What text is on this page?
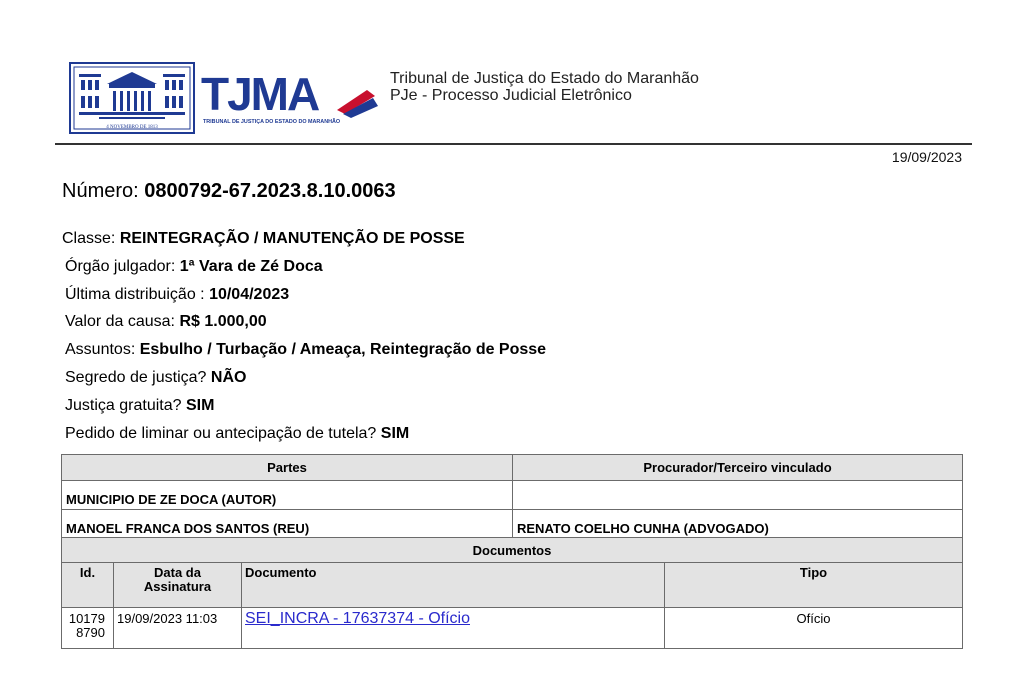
4 NOVEMBRO DE 1813
TJMA
TRIBUNAL DE JUSTIÇA DO ESTADO DO MARANHÃO
Tribunal de Justiça do Estado do Maranhão
PJe - Processo Judicial Eletrônico
19/09/2023
Número: 0800792-67.2023.8.10.0063
Classe: REINTEGRAÇÃO / MANUTENÇÃO DE POSSE
Órgão julgador: 1ª Vara de Zé Doca
Última distribuição : 10/04/2023
Valor da causa: R$ 1.000,00
Assuntos: Esbulho / Turbação / Ameaça, Reintegração de Posse
Segredo de justiça? NÃO
Justiça gratuita? SIM
Pedido de liminar ou antecipação de tutela? SIM
Partes	Procurador/Terceiro vinculado
MUNICIPIO DE ZE DOCA (AUTOR)	
MANOEL FRANCA DOS SANTOS (REU)	RENATO COELHO CUNHA (ADVOGADO)
Documentos			
Id.	Data da Assinatura	Documento	Tipo
10179 8790	19/09/2023 11:03	SEI_INCRA - 17637374 - Ofício	Ofício
